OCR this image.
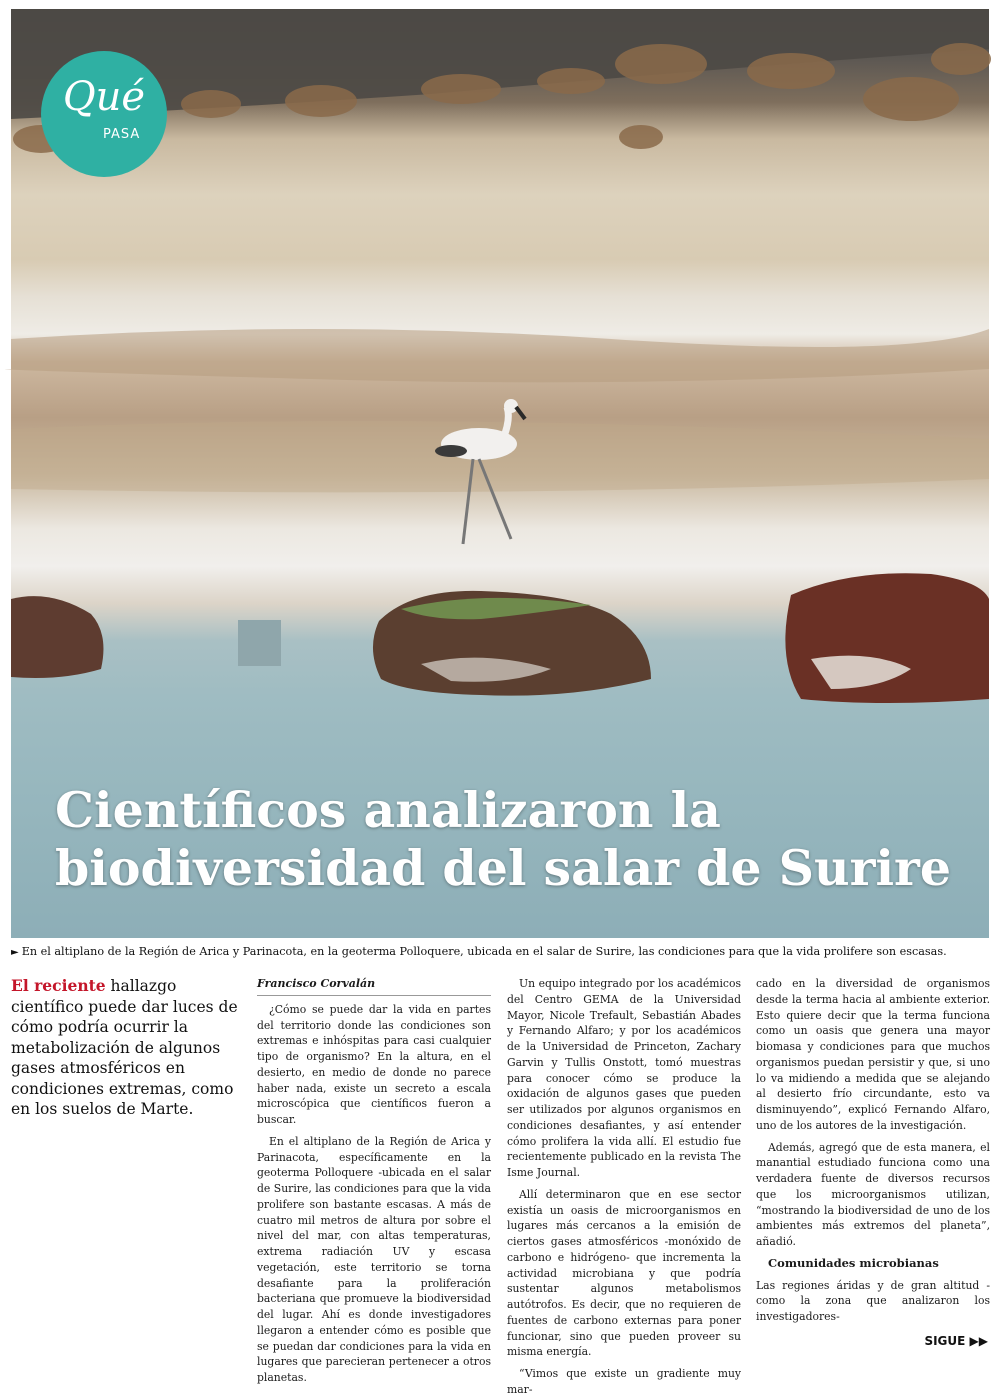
Qué
PASA
Científicos analizaron la
biodiversidad del salar de Surire
► En el altiplano de la Región de Arica y Parinacota, en la geoterma Polloquere, ubicada en el salar de Surire, las condiciones para que la vida prolifere son escasas.
El reciente hallazgo científico puede dar luces de cómo podría ocurrir la metabolización de algunos gases atmosféricos en condiciones extremas, como en los suelos de Marte.
Francisco Corvalán

¿Cómo se puede dar la vida en partes del territorio donde las condiciones son extremas e inhóspitas para casi cualquier tipo de organismo? En la altura, en el desierto, en medio de donde no parece haber nada, existe un secreto a escala microscópica que científicos fueron a buscar.

En el altiplano de la Región de Arica y Parinacota, específicamente en la geoterma Polloquere -ubicada en el salar de Surire, las condiciones para que la vida prolifere son bastante escasas. A más de cuatro mil metros de altura por sobre el nivel del mar, con altas temperaturas, extrema radiación UV y escasa vegetación, este territorio se torna desafiante para la proliferación bacteriana que promueve la biodiversidad del lugar. Ahí es donde investigadores llegaron a entender cómo es posible que se puedan dar condiciones para la vida en lugares que parecieran pertenecer a otros planetas.

Un equipo integrado por los académicos del Centro GEMA de la Universidad Mayor, Nicole Trefault, Sebastián Abades y Fernando Alfaro; y por los académicos de la Universidad de Princeton, Zachary Garvin y Tullis Onstott, tomó muestras para conocer cómo se produce la oxidación de algunos gases que pueden ser utilizados por algunos organismos en condiciones desafiantes, y así entender cómo prolifera la vida allí. El estudio fue recientemente publicado en la revista The Isme Journal.

Allí determinaron que en ese sector existía un oasis de microorganismos en lugares más cercanos a la emisión de ciertos gases atmosféricos -monóxido de carbono e hidrógeno- que incrementa la actividad microbiana y que podría sustentar algunos metabolismos autótrofos. Es decir, que no requieren de fuentes de carbono externas para poner funcionar, sino que pueden proveer su misma energía.

“Vimos que existe un gradiente muy mar-

cado en la diversidad de organismos desde la terma hacia al ambiente exterior. Esto quiere decir que la terma funciona como un oasis que genera una mayor biomasa y condiciones para que muchos organismos puedan persistir y que, si uno lo va midiendo a medida que se alejando al desierto frío circundante, esto va disminuyendo”, explicó Fernando Alfaro, uno de los autores de la investigación.

Además, agregó que de esta manera, el manantial estudiado funciona como una verdadera fuente de diversos recursos que los microorganismos utilizan, “mostrando la biodiversidad de uno de los ambientes más extremos del planeta”, añadió.

Comunidades microbianas

Las regiones áridas y de gran altitud -como la zona que analizaron los investigadores-

SIGUE ▶▶
